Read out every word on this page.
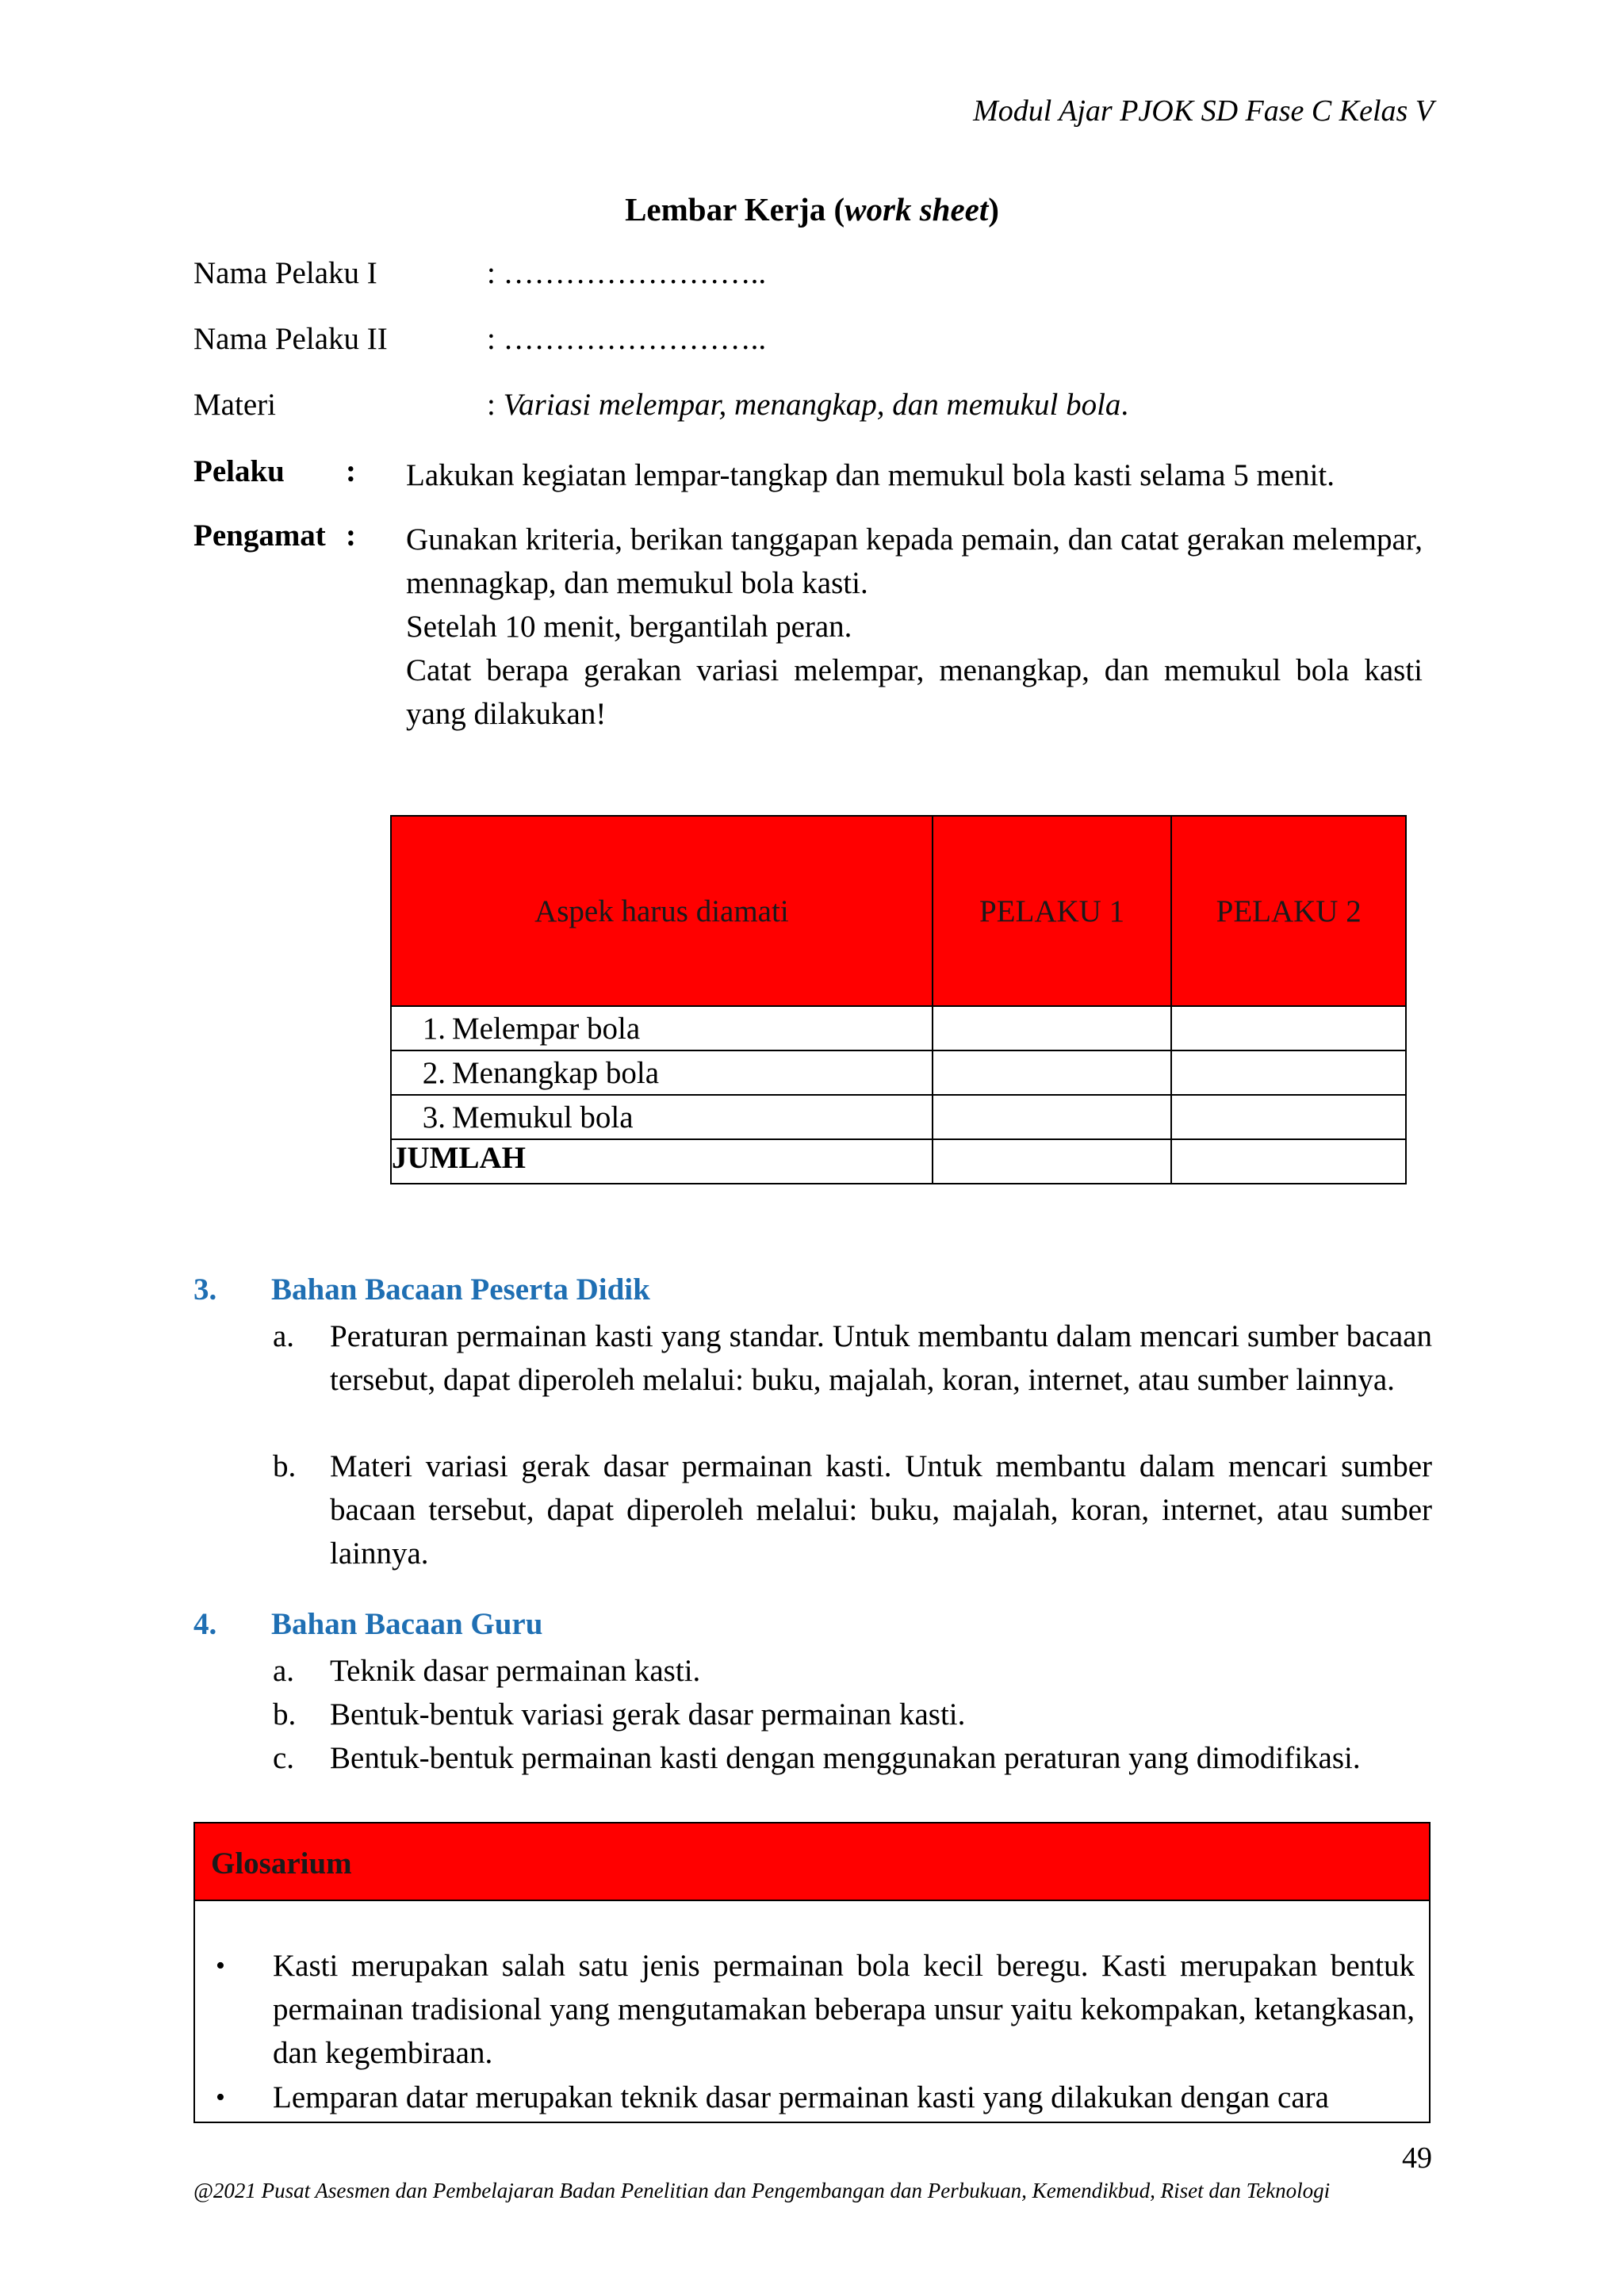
Modul Ajar PJOK SD Fase C Kelas V
Lembar Kerja (work sheet)
Nama Pelaku I	: ……………………..
Nama Pelaku II	: ……………………..
Materi	: Variasi melempar, menangkap, dan memukul bola.
Pelaku : Lakukan kegiatan lempar-tangkap dan memukul bola kasti selama 5 menit.

Pengamat : Gunakan kriteria, berikan tanggapan kepada pemain, dan catat gerakan melempar, mennagkap, dan memukul bola kasti.

Setelah 10 menit, bergantilah peran.

Catat berapa gerakan variasi melempar, menangkap, dan memukul bola kasti yang dilakukan!

Aspek harus diamati	PELAKU 1	PELAKU 2
1. Melempar bola		
2. Menangkap bola		
3. Memukul bola		
JUMLAH		
3. Bahan Bacaan Peserta Didik
a. Peraturan permainan kasti yang standar. Untuk membantu dalam mencari sumber bacaan tersebut, dapat diperoleh melalui: buku, majalah, koran, internet, atau sumber lainnya.
b. Materi variasi gerak dasar permainan kasti. Untuk membantu dalam mencari sumber bacaan tersebut, dapat diperoleh melalui: buku, majalah, koran, internet, atau sumber lainnya.
4. Bahan Bacaan Guru
a. Teknik dasar permainan kasti.
b. Bentuk-bentuk variasi gerak dasar permainan kasti.
c. Bentuk-bentuk permainan kasti dengan menggunakan peraturan yang dimodifikasi.
Glosarium
• Kasti merupakan salah satu jenis permainan bola kecil beregu. Kasti merupakan bentuk permainan tradisional yang mengutamakan beberapa unsur yaitu kekompakan, ketangkasan, dan kegembiraan.
• Lemparan datar merupakan teknik dasar permainan kasti yang dilakukan dengan cara
49
@2021 Pusat Asesmen dan Pembelajaran Badan Penelitian dan Pengembangan dan Perbukuan, Kemendikbud, Riset dan Teknologi
